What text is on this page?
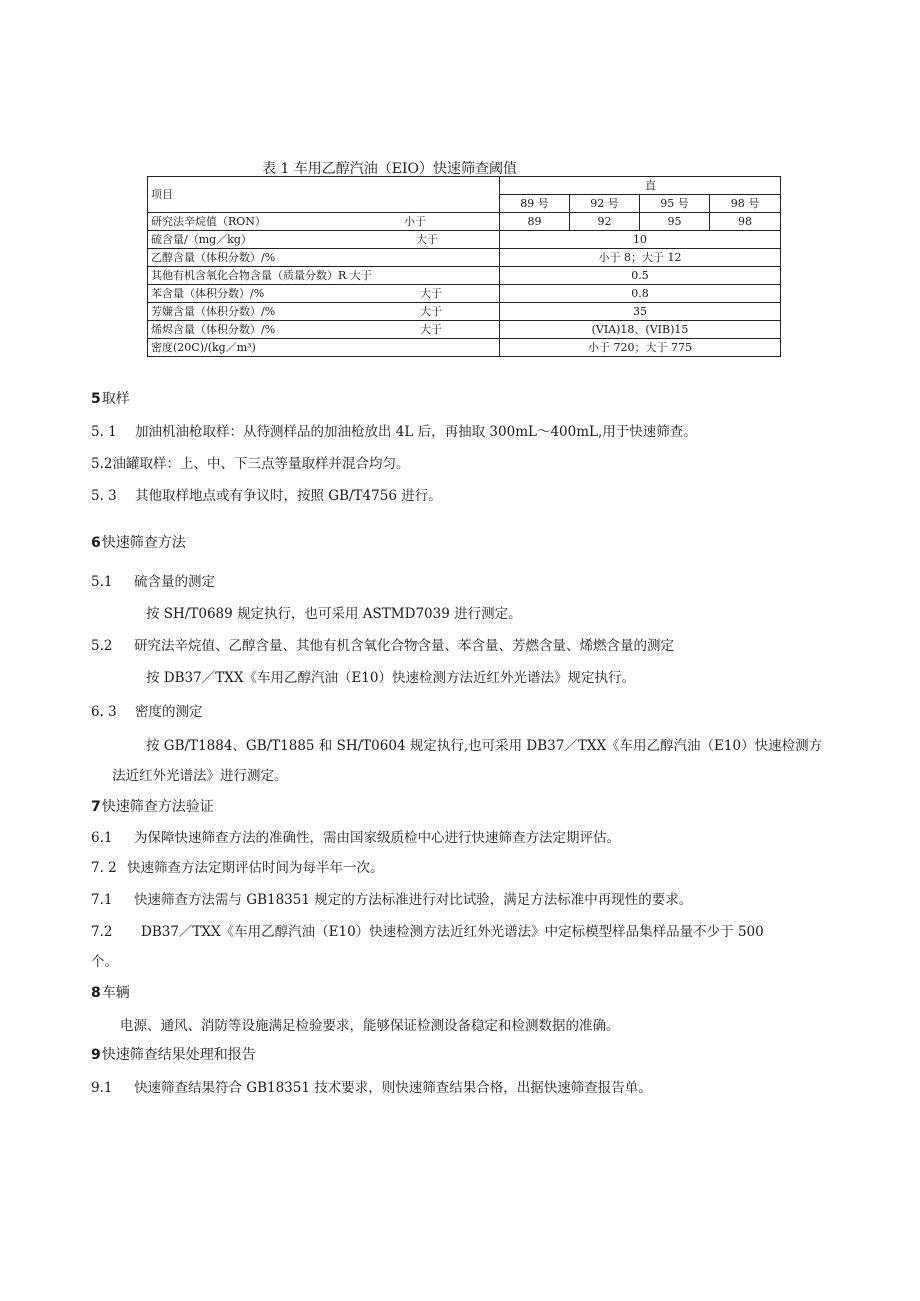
表 1 车用乙醇汽油（EIO）快速筛查阈值
项目	直			
	89 号	92 号	95 号	98 号
研究法辛烷值（RON） 小于	89	92	95	98
硫含量/（mg／kg） 大于	10			
乙醇含量（体积分数）/%	小于 8；大于 12			
其他有机含氧化合物含量（质量分数）R 大于	0.5			
苯含量（体积分数）/% 大于	0.8			
芳嫌含量（体积分数）/% 大于	35			
烯烬含量（体积分数）/% 大于	(VIA)18、(VIB)15			
密度(20C)/(kg／m³)	小于 720；大于 775			
5取样
5. 1 加油机油枪取样：从待测样品的加油枪放出 4L 后，再抽取 300mL～400mL,用于快速筛查。
5.2油罐取样：上、中、下三点等量取样并混合均匀。
5. 3 其他取样地点或有争议时，按照 GB/T4756 进行。
6快速筛查方法
5.1 硫含量的测定
按 SH/T0689 规定执行，也可采用 ASTMD7039 进行测定。
5.2 研究法辛烷值、乙醇含量、其他有机含氧化合物含量、苯含量、芳燃含量、烯燃含量的测定
按 DB37／TXX《车用乙醇汽油（E10）快速检测方法近红外光谱法》规定执行。
6. 3 密度的测定
按 GB/T1884、GB/T1885 和 SH/T0604 规定执行,也可采用 DB37／TXX《车用乙醇汽油（E10）快速检测方
法近红外光谱法》进行测定。
7快速筛查方法验证
6.1 为保障快速筛查方法的准确性，需由国家级质检中心进行快速筛查方法定期评估。
7. 2 快速筛查方法定期评估时间为每半年一次。
7.1 快速筛查方法需与 GB18351 规定的方法标准进行对比试验，满足方法标准中再现性的要求。
7.2 DB37／TXX《车用乙醇汽油（E10）快速检测方法近红外光谱法》中定标模型样品集样品量不少于 500
个。
8车辆
电源、通风、消防等设施满足检验要求，能够保证检测设备稳定和检测数据的准确。
9快速筛查结果处理和报告
9.1 快速筛查结果符合 GB18351 技术要求，则快速筛查结果合格，出据快速筛查报告单。
